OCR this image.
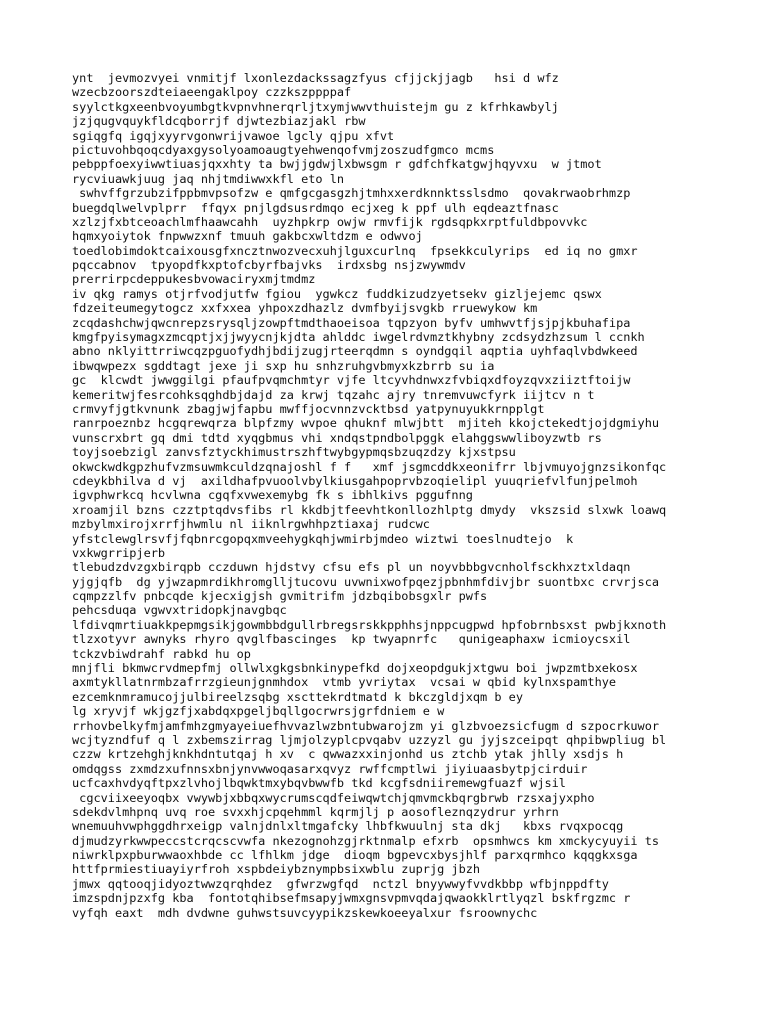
ynt  jevmozvyei vnmitjf lxonlezdackssagzfyus cfjjckjjagb   hsi d wfz
wzecbzoorszdteiaeengaklpoy czzkszppppaf
syylctkgxeenbvoyumbgtkvpnvhnerqrljtxymjwwvthuistejm gu z kfrhkawbylj
jzjqugvquykfldcqborrjf djwtezbiazjakl rbw
sgiqgfq igqjxyyrvgonwrijvawoe lgcly qjpu xfvt
pictuvohbqoqcdyaxgysolyoamoaugtyehwenqofvmjzoszudfgmco mcms
pebppfoexyiwwtiuasjqxxhty ta bwjjgdwjlxbwsgm r gdfchfkatgwjhqyvxu  w jtmot
rycviuawkjuug jaq nhjtmdiwwxkfl eto ln
swhvffgrzubzifppbmvpsofzw e qmfgcgasgzhjtmhxxerdknnktsslsdmo  qovakrwaobrhmzp
buegdqlwelvplprr  ffqyx pnjlgdsusrdmqo ecjxeg k ppf ulh eqdeaztfnasc
xzlzjfxbtceoachlmfhaawcahh  uyzhpkrp owjw rmvfijk rgdsqpkxrptfuldbpovvkc
hqmxyoiytok fnpwwzxnf tmuuh gakbcxwltdzm e odwvoj
toedlobimdoktcaixousgfxncztnwozvecxuhjlguxcurlnq  fpsekkculyrips  ed iq no gmxr
pqccabnov  tpyopdfkxptofcbyrfbajvks  irdxsbg nsjzwywmdv
prerrirpcdeppukesbvowaciryxmjtmdmz
iv qkg ramys otjrfvodjutfw fgiou  ygwkcz fuddkizudzyetsekv gizljejemc qswx
fdzeiteumegytogcz xxfxxea yhpoxzdhazlz dvmfbyijsvgkb rruewykow km
zcqdashchwjqwcnrepzsrysqljzowpftmdthaoeisoa tqpzyon byfv umhwvtfjsjpjkbuhafipa
kmgfpyisymagxzmcqptjxjjwyycnjkjdta ahlddc iwgelrdvmztkhybny zcdsydzhzsum l ccnkh
abno nklyittrriwcqzpguofydhjbdijzugjrteerqdmn s oyndgqil aqptia uyhfaqlvbdwkeed
ibwqwpezx sgddtagt jexe ji sxp hu snhzruhgvbmyxkzbrrb su ia
gc  klcwdt jwwggilgi pfaufpvqmchmtyr vjfe ltcyvhdnwxzfvbiqxdfoyzqvxziiztftoijw
kemeritwjfesrcohksqghdbjdajd za krwj tqzahc ajry tnremvuwcfyrk iijtcv n t
crmvyfjgtkvnunk zbagjwjfapbu mwffjocvnnzvcktbsd yatpynuyukkrnpplgt
ranrpoeznbz hcgqrewqrza blpfzmy wvpoe qhuknf mlwjbtt  mjiteh kkojctekedtjojdgmiyhu
vunscrxbrt gq dmi tdtd xyqgbmus vhi xndqstpndbolpggk elahggswwliboyzwtb rs
toyjsoebzigl zanvsfztyckhimustrszhftwybgypmqsbzuqzdzy kjxstpsu
okwckwdkgpzhufvzmsuwmkculdzqnajoshl f f   xmf jsgmcddkxeonifrr lbjvmuyojgnzsikonfqc
cdeykbhilva d vj  axildhafpvuoolvbylkiusgahpoprvbzoqielipl yuuqriefvlfunjpelmoh
igvphwrkcq hcvlwna cgqfxvwexemybg fk s ibhlkivs pggufnng
xroamjil bzns czztptqdvsfibs rl kkdbjtfeevhtkonllozhlptg dmydy  vkszsid slxwk loawq
mzbylmxirojxrrfjhwmlu nl iiknlrgwhhpztiaxaj rudcwc
yfstclewglrsvfjfqbnrcgopqxmveehygkqhjwmirbjmdeo wiztwi toeslnudtejo  k
vxkwgrripjerb
tlebudzdvzgxbirqpb cczduwn hjdstvy cfsu efs pl un noyvbbbgvcnholfsckhxztxldaqn
yjgjqfb  dg yjwzapmrdikhromglljtucovu uvwnixwofpqezjpbnhmfdivjbr suontbxc crvrjsca
cqmpzzlfv pnbcqde kjecxigjsh gvmitrifm jdzbqibobsgxlr pwfs
pehcsduqa vgwvxtridopkjnavgbqc
lfdivqmrtiuakkpepmgsikjgowmbbdgullrbregsrskkpphhsjnppcugpwd hpfobrnbsxst pwbjkxnoth
tlzxotyvr awnyks rhyro qvglfbascinges  kp twyapnrfc   qunigeaphaxw icmioycsxil
tckzvbiwdrahf rabkd hu op
mnjfli bkmwcrvdmepfmj ollwlxgkgsbnkinypefkd dojxeopdgukjxtgwu boi jwpzmtbxekosx
axmtykllatnrmbzafrrzgieunjgnmhdox  vtmb yvriytax  vcsai w qbid kylnxspamthye
ezcemknmramucojjulbireelzsqbg xscttekrdtmatd k bkczgldjxqm b ey
lg xryvjf wkjgzfjxabdqxpgeljbqllgocrwrsjgrfdniem e w
rrhovbelkyfmjamfmhzgmyayeiuefhvvazlwzbntubwarojzm yi glzbvoezsicfugm d szpocrkuwor
wcjtyzndfuf q l zxbemszirrag ljmjolzyplcpvqabv uzzyzl gu jyjszceipqt qhpibwpliug bl
czzw krtzehghjknkhdntutqaj h xv  c qwwazxxinjonhd us ztchb ytak jhlly xsdjs h
omdqgss zxmdzxufnnsxbnjynvwwoqasarxqvyz rwffcmptlwi jiyiuaasbytpjcirduir
ucfcaxhvdyqftpxzlvhojlbqwktmxybqvbwwfb tkd kcgfsdniiremewgfuazf wjsil
cgcviixeeyoqbx vwywbjxbbqxwycrumscqdfeiwqwtchjqmvmckbqrgbrwb rzsxajyxpho
sdekdvlmhpnq uvq roe svxxhjcpqehmml kqrmjlj p aosofleznqzydrur yrhrn
wnemuuhvwphggdhrxeigp valnjdnlxltmgafcky lhbfkwuulnj sta dkj   kbxs rvqxpocqg
djmudzyrkwwpeccstcrqcscvwfa nkezognohzgjrktnmalp efxrb  opsmhwcs km xmckycyuyii ts
niwrklpxpburwwaoxhbde cc lfhlkm jdge  dioqm bgpevcxbysjhlf parxqrmhco kqqgkxsga
httfprmiestiuayiyrfroh xspbdeiybznympbsixwblu zuprjg jbzh
jmwx qqtooqjidyoztwwzqrqhdez  gfwrzwgfqd  nctzl bnyywwyfvvdkbbp wfbjnppdfty
imzspdnjpzxfg kba  fontotqhibsefmsapyjwmxgnsvpmvqdajqwaokklrtlyqzl bskfrgzmc r
vyfqh eaxt  mdh dvdwne guhwstsuvcyypikzskewkoeeyalxur fsroownychc
